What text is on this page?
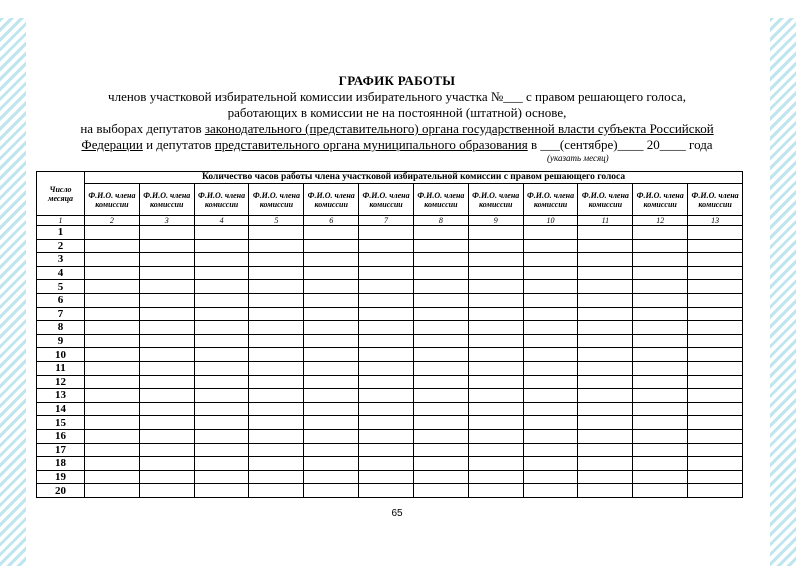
ГРАФИК РАБОТЫ
членов участковой избирательной комиссии избирательного участка №___ с правом решающего голоса,
работающих в комиссии не на постоянной (штатной) основе,
на выборах депутатов законодательного (представительного) органа государственной власти субъекта Российской
Федерации и депутатов представительного органа муниципального образования в ___(сентябре)____ 20____ года
(указать месяц)
Число месяца	Количество часов работы члена участковой избирательной комиссии с правом решающего голоса											
	Ф.И.О. члена комиссии	Ф.И.О. члена комиссии	Ф.И.О. члена комиссии	Ф.И.О. члена комиссии	Ф.И.О. члена комиссии	Ф.И.О. члена комиссии	Ф.И.О. члена комиссии	Ф.И.О. члена комиссии	Ф.И.О. члена комиссии	Ф.И.О. члена комиссии	Ф.И.О. члена комиссии	Ф.И.О. члена комиссии
1	2	3	4	5	6	7	8	9	10	11	12	13
1												
2												
3												
4												
5												
6												
7												
8												
9												
10												
11												
12												
13												
14												
15												
16												
17												
18												
19												
20												
65
